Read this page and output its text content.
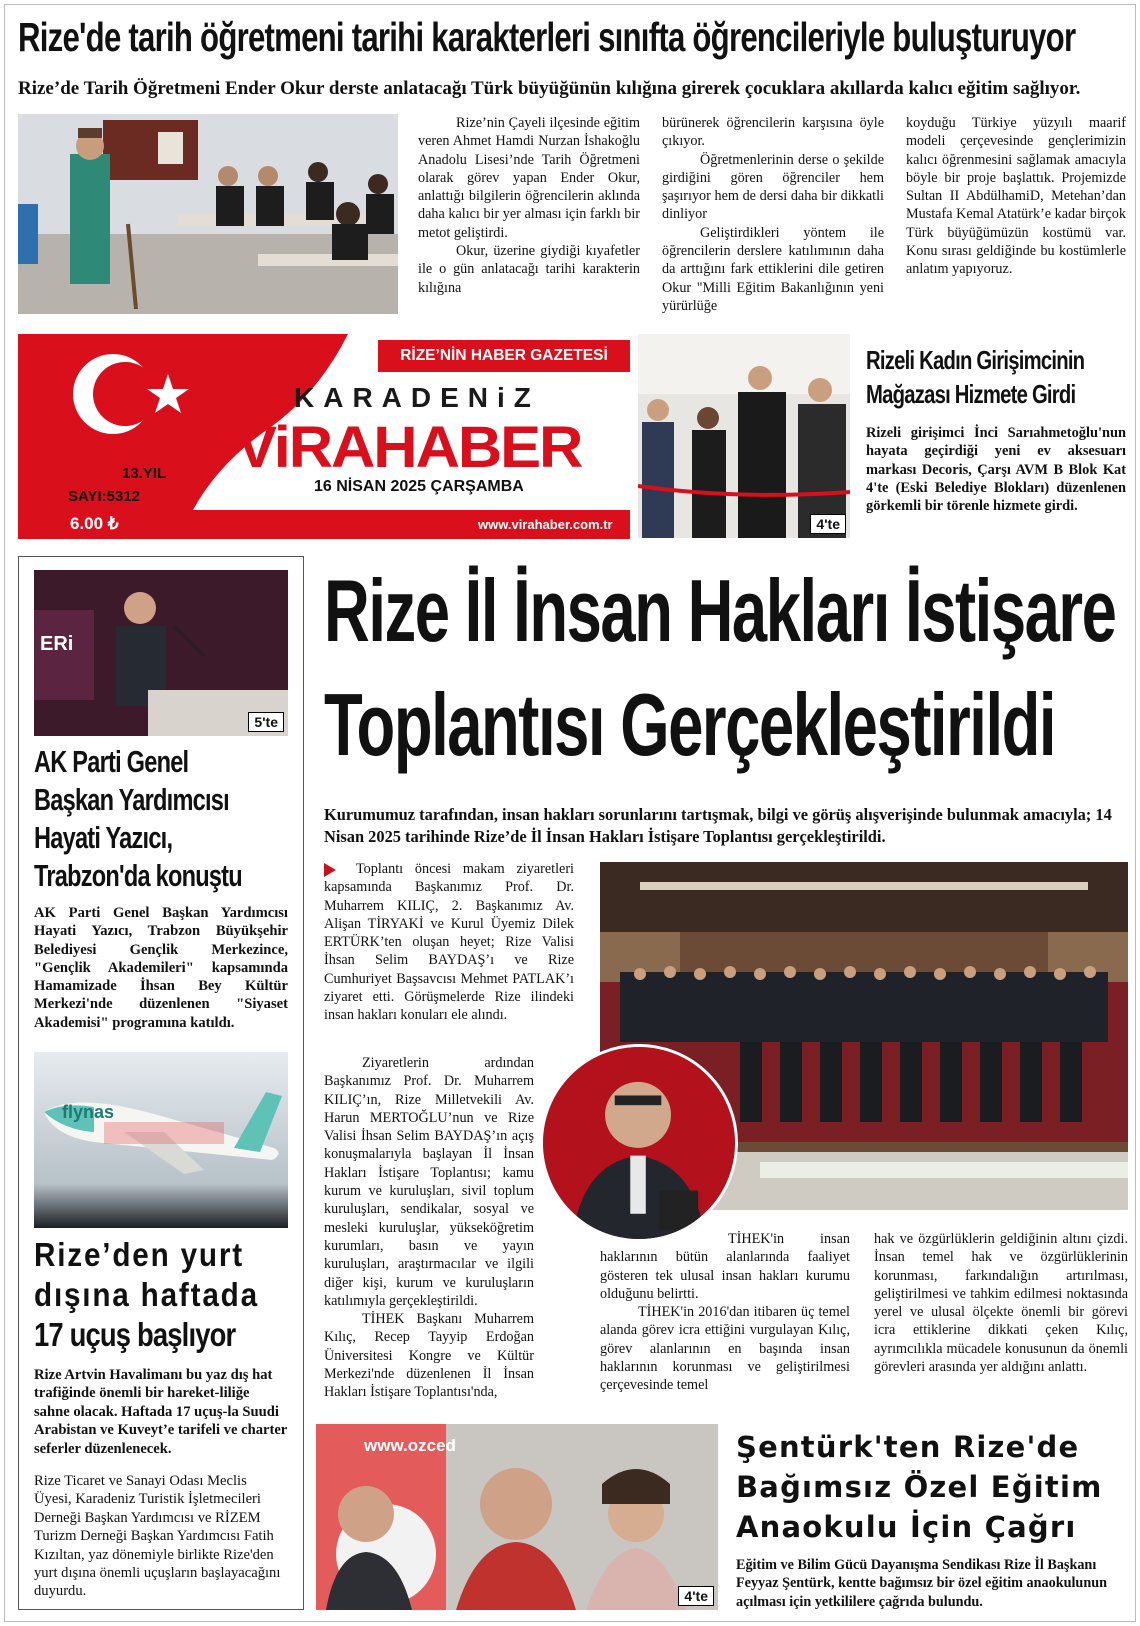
Rize'de tarih öğretmeni tarihi karakterleri sınıfta öğrencileriyle buluşturuyor
Rize’de Tarih Öğretmeni Ender Okur derste anlatacağı Türk büyüğünün kılığına girerek çocuklara akıllarda kalıcı eğitim sağlıyor.

Rize’nin Çayeli ilçesinde eğitim veren Ahmet Hamdi Nurzan İshakoğlu Anadolu Lisesi’nde Tarih Öğretmeni olarak görev yapan Ender Okur, anlattığı bilgilerin öğrencilerin aklında daha kalıcı bir yer alması için farklı bir metot geliştirdi.

Okur, üzerine giydiği kıyafetler ile o gün anlatacağı tarihi karakterin kılığına

bürünerek öğrencilerin karşısına öyle çıkıyor.

Öğretmenlerinin derse o şekilde girdiğini gören öğrenciler hem şaşırıyor hem de dersi daha bir dikkatli dinliyor

Geliştirdikleri yöntem ile öğrencilerin derslere katılımının daha da arttığını fark ettiklerini dile getiren Okur "Milli Eğitim Bakanlığının yeni yürürlüğe

koyduğu Türkiye yüzyılı maarif modeli çerçevesinde gençlerimizin kalıcı öğrenmesini sağlamak amacıyla böyle bir proje başlattık. Projemizde Sultan II AbdülhamiD, Metehan’dan Mustafa Kemal Atatürk’e kadar birçok Türk büyüğümüzün kostümü var. Konu sırası geldiğinde bu kostümlerle anlatım yapıyoruz.
RİZE’NİN HABER GAZETESİ
KARADENiZ
ViRAHABER
13.YIL
SAYI:5312
16 NİSAN 2025 ÇARŞAMBA
6.00 ₺	www.virahaber.com.tr	4'te
Rizeli Kadın Girişimcinin
Mağazası Hizmete Girdi
Rizeli girişimci İnci Sarıahmetoğlu'nun hayata geçirdiği yeni ev aksesuarı markası Decoris, Çarşı AVM B Blok Kat 4'te (Eski Belediye Blokları) düzenlenen görkemli bir törenle hizmete girdi.
ERi
5'te
AK Parti Genel
Başkan Yardımcısı
Hayati Yazıcı,
Trabzon'da konuştu
AK Parti Genel Başkan Yardımcısı Hayati Yazıcı, Trabzon Büyükşehir Belediyesi Gençlik Merkezince, "Gençlik Akademileri" kapsamında Hamamizade İhsan Bey Kültür Merkezi'nde düzenlenen "Siyaset Akademisi" programına katıldı.
flynas
Rize’den yurt
dışına haftada
17 uçuş başlıyor
Rize Artvin Havalimanı bu yaz dış hat trafiğinde önemli bir hareket-liliğe sahne olacak. Haftada 17 uçuş-la Suudi Arabistan ve Kuveyt’e tarifeli ve charter seferler düzenlenecek.
Rize Ticaret ve Sanayi Odası Meclis Üyesi, Karadeniz Turistik İşletmecileri Derneği Başkan Yardımcısı ve RİZEM Turizm Derneği Başkan Yardımcısı Fatih Kızıltan, yaz dönemiyle birlikte Rize'den yurt dışına önemli uçuşların başlayacağını duyurdu.
Rize İl İnsan Hakları İstişare
Toplantısı Gerçekleştirildi
Kurumumuz tarafından, insan hakları sorunlarını tartışmak, bilgi ve görüş alışverişinde bulunmak amacıyla; 14 Nisan 2025 tarihinde Rize’de İl İnsan Hakları İstişare Toplantısı gerçekleştirildi.

Toplantı öncesi makam ziyaretleri kapsamında Başkanımız Prof. Dr. Muharrem KILIÇ, 2. Başkanımız Av. Alişan TİRYAKİ ve Kurul Üyemiz Dilek ERTÜRK’ten oluşan heyet; Rize Valisi İhsan Selim BAYDAŞ’ı ve Rize Cumhuriyet Başsavcısı Mehmet PATLAK’ı ziyaret etti. Görüşmelerde Rize ilindeki insan hakları konuları ele alındı.

Ziyaretlerin ardından Başkanımız Prof. Dr. Muharrem KILIÇ’ın, Rize Milletvekili Av. Harun MERTOĞLU’nun ve Rize Valisi İhsan Selim BAYDAŞ’ın açış konuşmalarıyla başlayan İl İnsan Hakları İstişare Toplantısı; kamu kurum ve kuruluşları, sivil toplum kuruluşları, sendikalar, sosyal ve mesleki kuruluşlar, yükseköğretim kurumları, basın ve yayın kuruluşları, araştırmacılar ve ilgili diğer kişi, kurum ve kuruluşların katılımıyla gerçekleştirildi.

TİHEK Başkanı Muharrem Kılıç, Recep Tayyip Erdoğan Üniversitesi Kongre ve Kültür Merkezi'nde düzenlenen İl İnsan Hakları İstişare Toplantısı'nda,

TİHEK'in insan haklarının bütün alanlarında faaliyet gösteren tek ulusal insan hakları kurumu olduğunu belirtti.

TİHEK'in 2016'dan itibaren üç temel alanda görev icra ettiğini vurgulayan Kılıç, görev alanlarının en başında insan haklarının korunması ve geliştirilmesi çerçevesinde temel

hak ve özgürlüklerin geldiğinin altını çizdi. İnsan temel hak ve özgürlüklerinin korunması, farkındalığın artırılması, geliştirilmesi ve tahkim edilmesi noktasında yerel ve ulusal ölçekte önemli bir görevi icra ettiklerine dikkati çeken Kılıç, ayrımcılıkla mücadele konusunun da önemli görevleri arasında yer aldığını anlattı.
www.ozced
4'te
Şentürk'ten Rize'de
Bağımsız Özel Eğitim
Anaokulu İçin Çağrı
Eğitim ve Bilim Gücü Dayanışma Sendikası Rize İl Başkanı Feyyaz Şentürk, kentte bağımsız bir özel eğitim anaokulunun açılması için yetkililere çağrıda bulundu.
